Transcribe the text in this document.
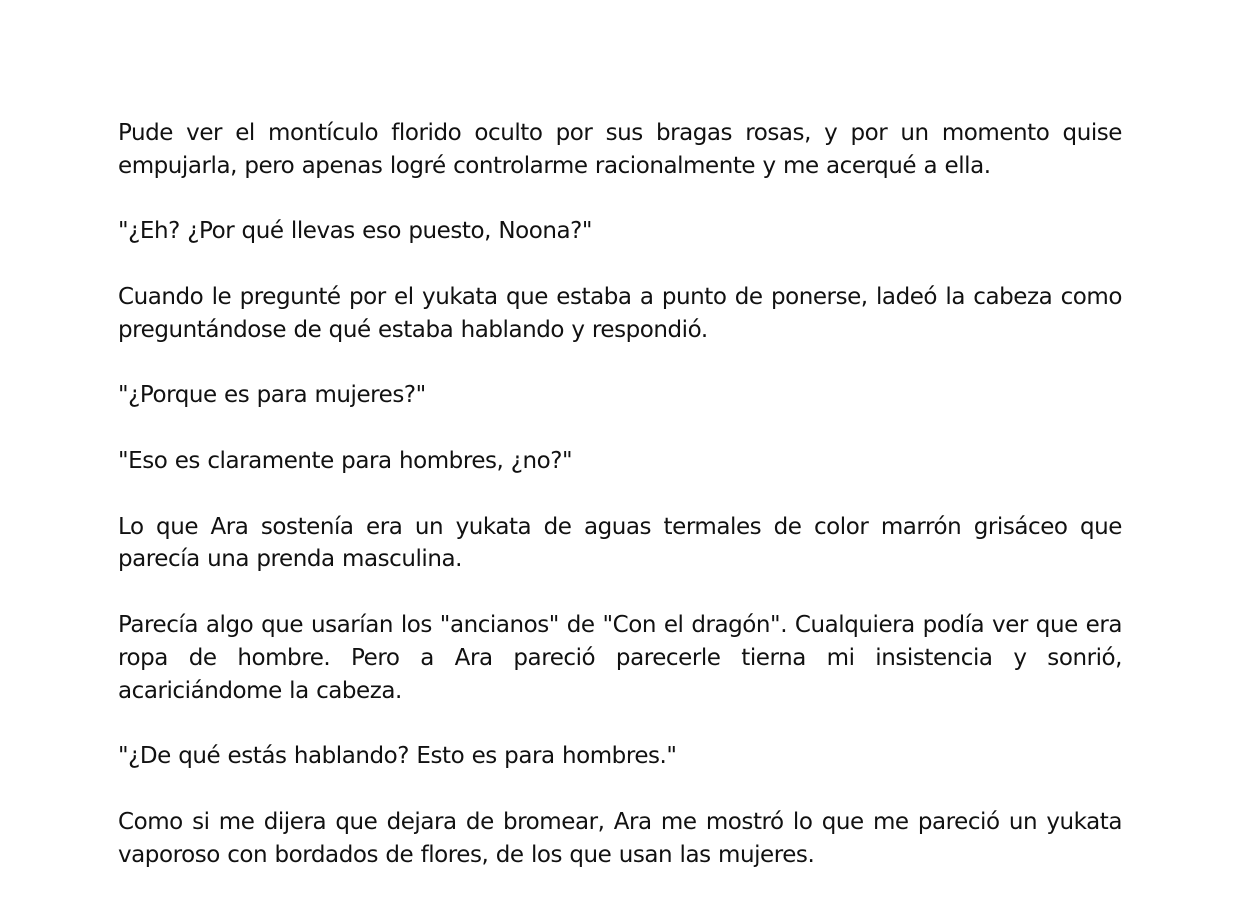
Pude ver el montículo florido oculto por sus bragas rosas, y por un momento quise empujarla, pero apenas logré controlarme racionalmente y me acerqué a ella.

"¿Eh? ¿Por qué llevas eso puesto, Noona?"

Cuando le pregunté por el yukata que estaba a punto de ponerse, ladeó la cabeza como preguntándose de qué estaba hablando y respondió.

"¿Porque es para mujeres?"

"Eso es claramente para hombres, ¿no?"

Lo que Ara sostenía era un yukata de aguas termales de color marrón grisáceo que parecía una prenda masculina.

Parecía algo que usarían los "ancianos" de "Con el dragón". Cualquiera podía ver que era ropa de hombre. Pero a Ara pareció parecerle tierna mi insistencia y sonrió, acariciándome la cabeza.

"¿De qué estás hablando? Esto es para hombres."

Como si me dijera que dejara de bromear, Ara me mostró lo que me pareció un yukata vaporoso con bordados de flores, de los que usan las mujeres.
